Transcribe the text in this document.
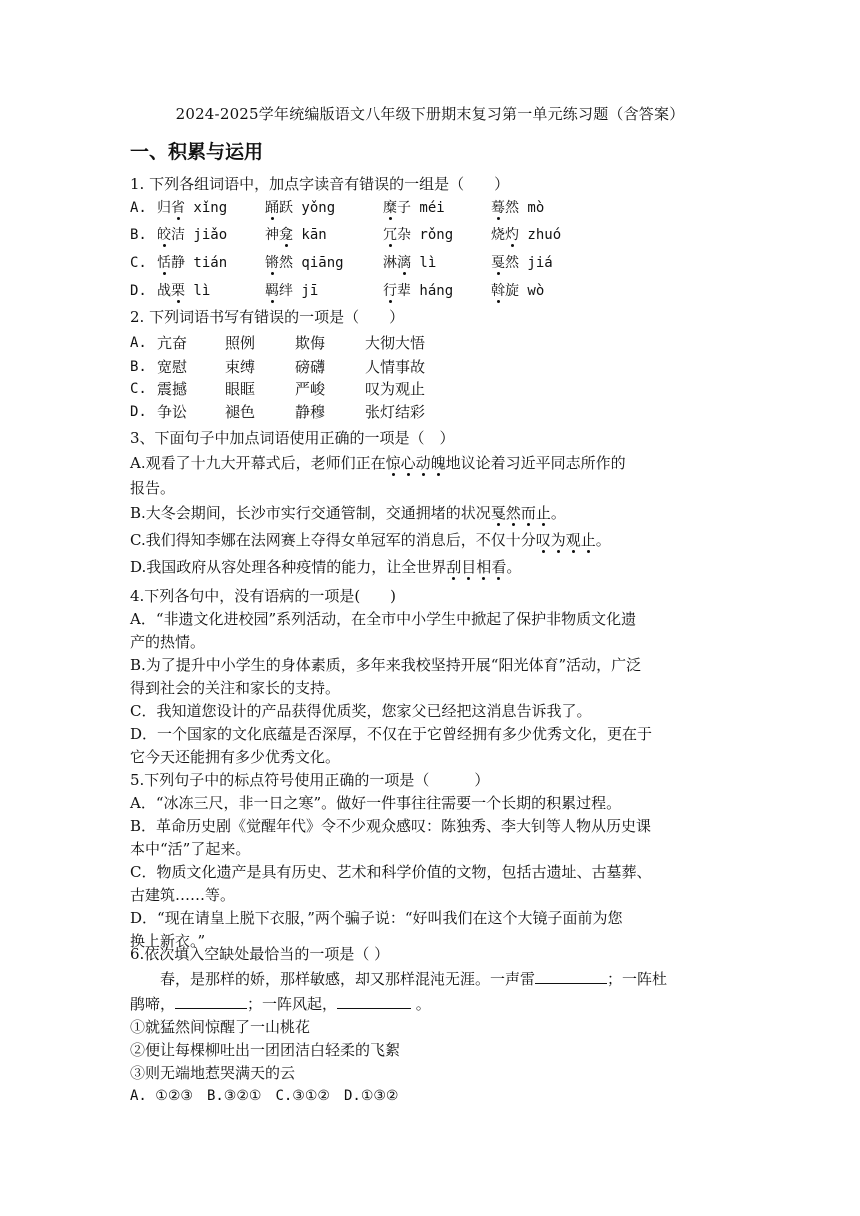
2024-2025学年统编版语文八年级下册期末复习第一单元练习题（含答案）
一、积累与运用
1. 下列各组词语中，加点字读音有错误的一组是（　　）
A. 归省 xǐng	踊跃 yǒng	糜子 méi	蓦然 mò
B. 皎洁 jiǎo	神龛 kān	冗杂 rǒng	烧灼 zhuó
C. 恬静 tián	锵然 qiāng	淋漓 lì	戛然 jiá
D. 战栗 lì	羁绊 jī	行辈 háng	斡旋 wò
2. 下列词语书写有错误的一项是（　　）
A. 亢奋	照例	欺侮	大彻大悟
B. 宽慰	束缚	磅礴	人情事故
C. 震撼	眼眶	严峻	叹为观止
D. 争讼	褪色	静穆	张灯结彩
3、下面句子中加点词语使用正确的一项是（　）
A.观看了十九大开幕式后，老师们正在惊心动魄地议论着习近平同志所作的
报告。
B.大冬会期间，长沙市实行交通管制，交通拥堵的状况戛然而止。
C.我们得知李娜在法网赛上夺得女单冠军的消息后，不仅十分叹为观止。
D.我国政府从容处理各种疫情的能力，让全世界刮目相看。
4.下列各句中，没有语病的一项是(　　)
A．“非遗文化进校园”系列活动，在全市中小学生中掀起了保护非物质文化遗
产的热情。
B.为了提升中小学生的身体素质，多年来我校坚持开展“阳光体育”活动，广泛
得到社会的关注和家长的支持。
C．我知道您设计的产品获得优质奖，您家父已经把这消息告诉我了。
D．一个国家的文化底蕴是否深厚，不仅在于它曾经拥有多少优秀文化，更在于
它今天还能拥有多少优秀文化。
5.下列句子中的标点符号使用正确的一项是（　　　）
A．“冰冻三尺，非一日之寒”。做好一件事往往需要一个长期的积累过程。
B．革命历史剧《觉醒年代》令不少观众感叹：陈独秀、李大钊等人物从历史课
本中“活”了起来。
C．物质文化遗产是具有历史、艺术和科学价值的文物，包括古遗址、古墓葬、
古建筑……等。
D．“现在请皇上脱下衣服，”两个骗子说：“好叫我们在这个大镜子面前为您
换上新衣。”
6.依次填入空缺处最恰当的一项是（ ）
　　春，是那样的娇，那样敏感，却又那样混沌无涯。一声雷	；一阵杜
鹃啼，	；一阵风起，	。
①就猛然间惊醒了一山桃花
②便让每棵柳吐出一团团洁白轻柔的飞絮
③则无端地惹哭满天的云
A. ①②③　B.③②①　C.③①②　D.①③②
